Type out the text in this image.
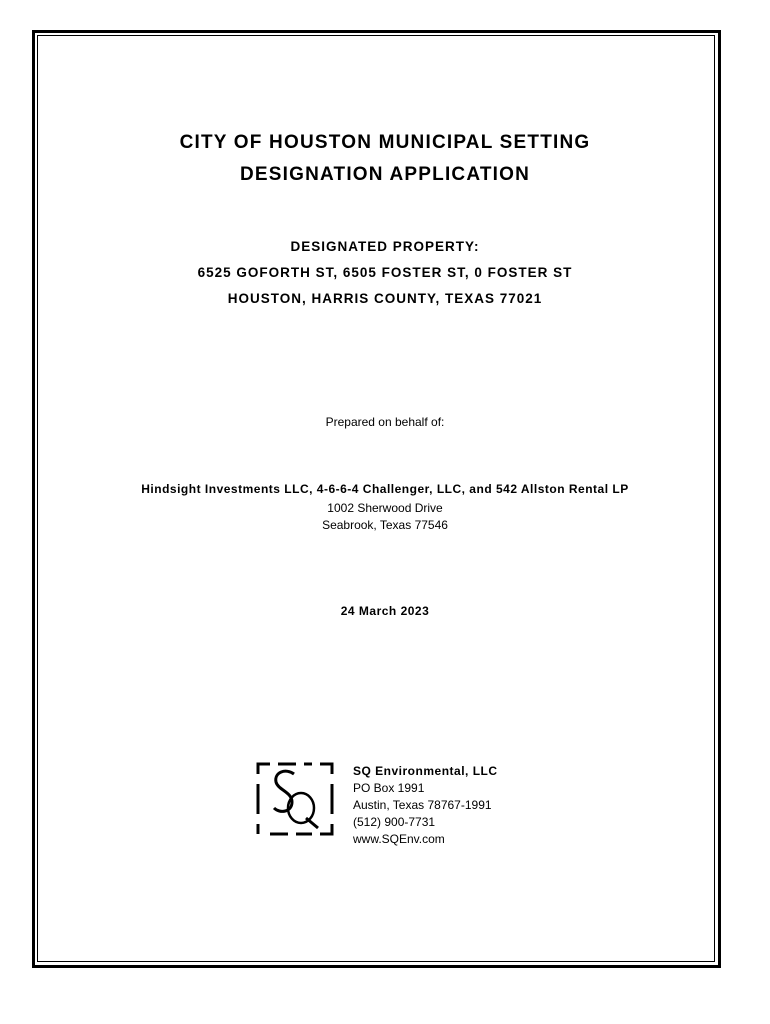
CITY OF HOUSTON MUNICIPAL SETTING
DESIGNATION APPLICATION
DESIGNATED PROPERTY:
6525 GOFORTH ST, 6505 FOSTER ST, 0 FOSTER ST
HOUSTON, HARRIS COUNTY, TEXAS 77021
Prepared on behalf of:
Hindsight Investments LLC, 4-6-6-4 Challenger, LLC, and 542 Allston Rental LP
1002 Sherwood Drive
Seabrook, Texas 77546
24 March 2023
SQ Environmental, LLC
PO Box 1991
Austin, Texas 78767-1991
(512) 900-7731
www.SQEnv.com
